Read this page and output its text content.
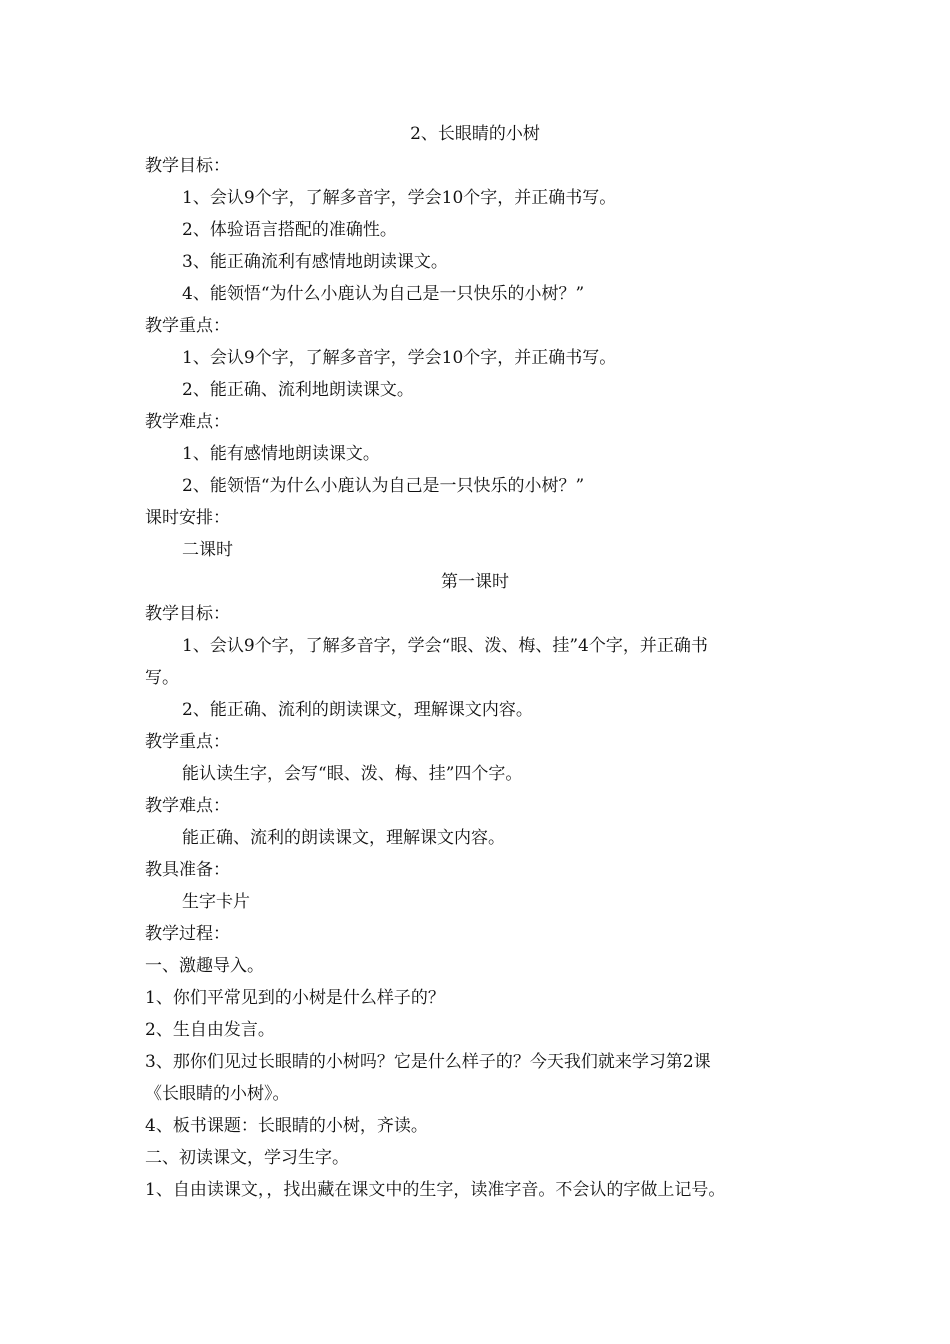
2、长眼睛的小树
教学目标：
1、会认9个字，了解多音字，学会10个字，并正确书写。
2、体验语言搭配的准确性。
3、能正确流利有感情地朗读课文。
4、能领悟“为什么小鹿认为自己是一只快乐的小树？”
教学重点：
1、会认9个字，了解多音字，学会10个字，并正确书写。
2、能正确、流利地朗读课文。
教学难点：
1、能有感情地朗读课文。
2、能领悟“为什么小鹿认为自己是一只快乐的小树？”
课时安排：
二课时
第一课时
教学目标：
1、会认9个字，了解多音字，学会“眼、泼、梅、挂”4个字，并正确书
写。
2、能正确、流利的朗读课文，理解课文内容。
教学重点：
能认读生字，会写“眼、泼、梅、挂”四个字。
教学难点：
能正确、流利的朗读课文，理解课文内容。
教具准备：
生字卡片
教学过程：
一、激趣导入。
1、你们平常见到的小树是什么样子的？
2、生自由发言。
3、那你们见过长眼睛的小树吗？它是什么样子的？今天我们就来学习第2课
《长眼睛的小树》。
4、板书课题：长眼睛的小树，齐读。
二、初读课文，学习生字。
1、自由读课文，，找出藏在课文中的生字，读准字音。不会认的字做上记号。
